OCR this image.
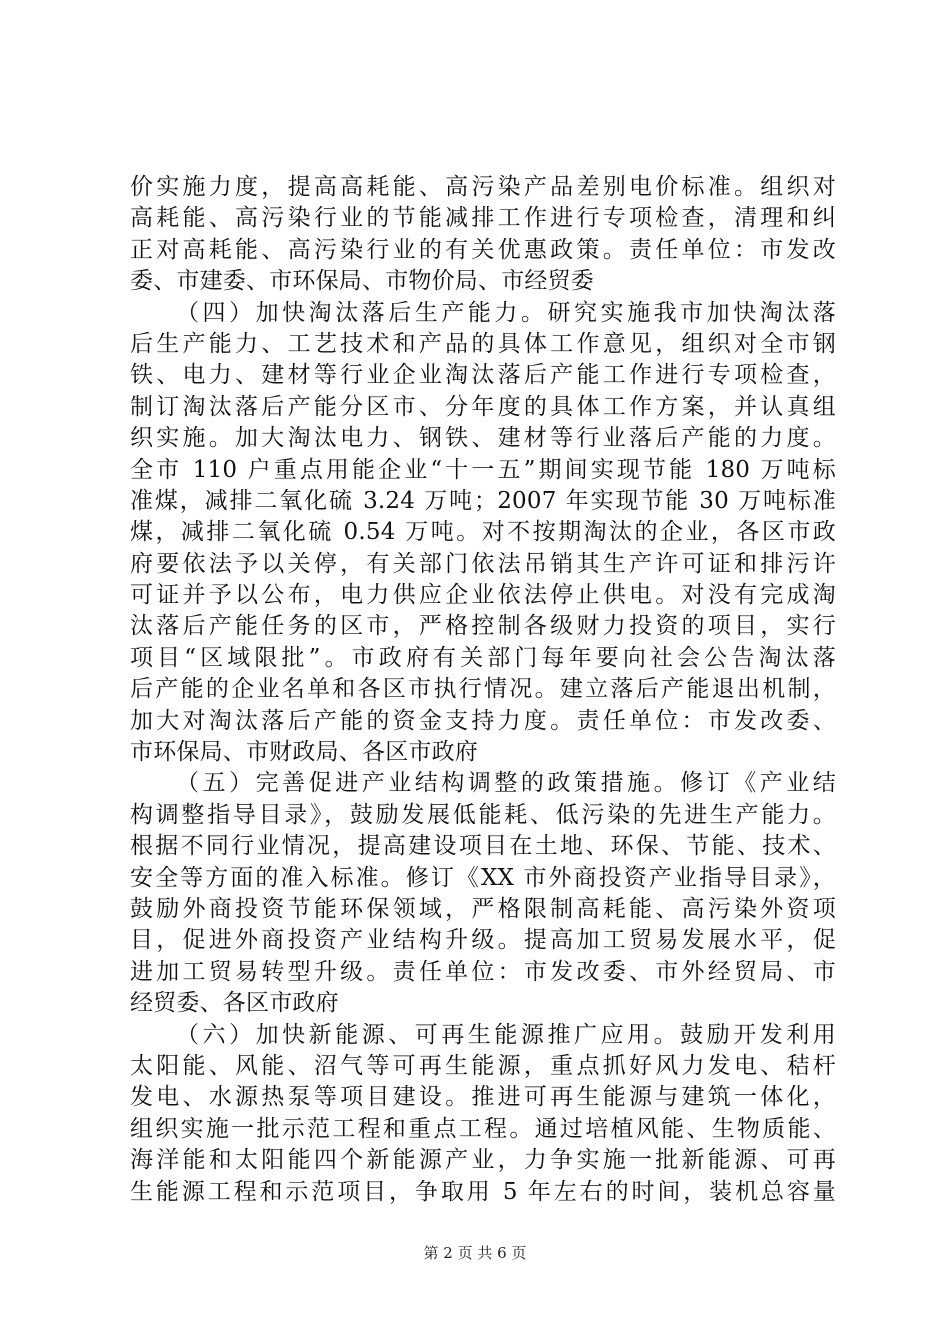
价实施力度，提高高耗能、高污染产品差别电价标准。组织对
高耗能、高污染行业的节能减排工作进行专项检查，清理和纠
正对高耗能、高污染行业的有关优惠政策。责任单位：市发改
委、市建委、市环保局、市物价局、市经贸委
（四）加快淘汰落后生产能力。研究实施我市加快淘汰落
后生产能力、工艺技术和产品的具体工作意见，组织对全市钢
铁、电力、建材等行业企业淘汰落后产能工作进行专项检查，
制订淘汰落后产能分区市、分年度的具体工作方案，并认真组
织实施。加大淘汰电力、钢铁、建材等行业落后产能的力度。
全市 110 户重点用能企业“十一五”期间实现节能 180 万吨标
准煤，减排二氧化硫 3.24 万吨；2007 年实现节能 30 万吨标准
煤，减排二氧化硫 0.54 万吨。对不按期淘汰的企业，各区市政
府要依法予以关停，有关部门依法吊销其生产许可证和排污许
可证并予以公布，电力供应企业依法停止供电。对没有完成淘
汰落后产能任务的区市，严格控制各级财力投资的项目，实行
项目“区域限批”。市政府有关部门每年要向社会公告淘汰落
后产能的企业名单和各区市执行情况。建立落后产能退出机制，
加大对淘汰落后产能的资金支持力度。责任单位：市发改委、
市环保局、市财政局、各区市政府
（五）完善促进产业结构调整的政策措施。修订《产业结
构调整指导目录》，鼓励发展低能耗、低污染的先进生产能力。
根据不同行业情况，提高建设项目在土地、环保、节能、技术、
安全等方面的准入标准。修订《XX 市外商投资产业指导目录》，
鼓励外商投资节能环保领域，严格限制高耗能、高污染外资项
目，促进外商投资产业结构升级。提高加工贸易发展水平，促
进加工贸易转型升级。责任单位：市发改委、市外经贸局、市
经贸委、各区市政府
（六）加快新能源、可再生能源推广应用。鼓励开发利用
太阳能、风能、沼气等可再生能源，重点抓好风力发电、秸杆
发电、水源热泵等项目建设。推进可再生能源与建筑一体化，
组织实施一批示范工程和重点工程。通过培植风能、生物质能、
海洋能和太阳能四个新能源产业，力争实施一批新能源、可再
生能源工程和示范项目，争取用 5 年左右的时间，装机总容量
第 2 页 共 6 页
